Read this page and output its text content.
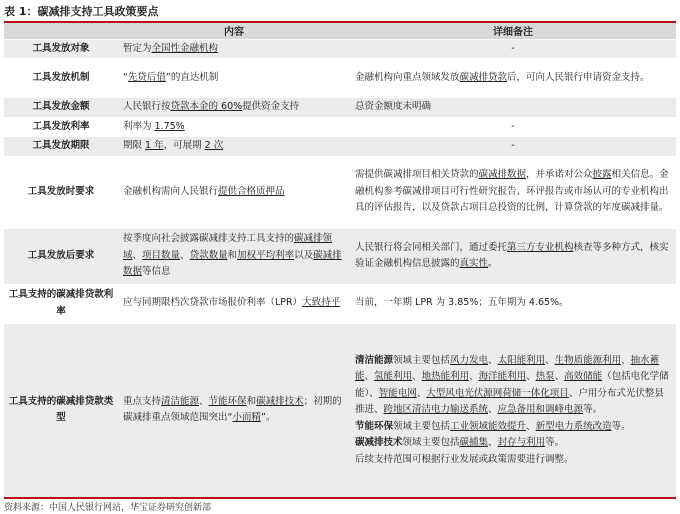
表 1：碳减排支持工具政策要点
	内容	详细备注
工具发放对象	暂定为全国性金融机构	-
工具发放机制	“先贷后借”的直达机制	金融机构向重点领域发放碳减排贷款后，可向人民银行申请资金支持。
工具发放金额	人民银行按贷款本金的 60%提供资金支持	总资金额度未明确
工具发放利率	利率为 1.75%	-
工具发放期限	期限 1 年，可展期 2 次	-
工具发放时要求	金融机构需向人民银行提供合格质押品	需提供碳减排项目相关贷款的碳减排数据，并承诺对公众披露相关信息。金融机构参考碳减排项目可行性研究报告、环评报告或市场认可的专业机构出具的评估报告，以及贷款占项目总投资的比例，计算贷款的年度碳减排量。
工具发放后要求	按季度向社会披露碳减排支持工具支持的碳减排领域、项目数量、贷款数量和加权平均利率以及碳减排数据等信息	人民银行将会同相关部门，通过委托第三方专业机构核查等多种方式，核实验证金融机构信息披露的真实性。
工具支持的碳减排贷款利率	应与同期限档次贷款市场报价利率（LPR）大致持平	当前，一年期 LPR 为 3.85%；五年期为 4.65%。
工具支持的碳减排贷款类型	重点支持清洁能源、节能环保和碳减排技术；初期的碳减排重点领域范围突出“小而精”。	清洁能源领域主要包括风力发电、太阳能利用、生物质能源利用、抽水蓄能、氢能利用、地热能利用、海洋能利用、热泵、高效储能（包括电化学储能）、智能电网、大型风电光伏源网荷储一体化项目、户用分布式光伏整县推进、跨地区清洁电力输送系统、应急备用和调峰电源等。
节能环保领域主要包括工业领域能效提升、新型电力系统改造等。
碳减排技术领域主要包括碳捕集、封存与利用等。
后续支持范围可根据行业发展或政策需要进行调整。
资料来源：中国人民银行网站，华宝证券研究创新部
